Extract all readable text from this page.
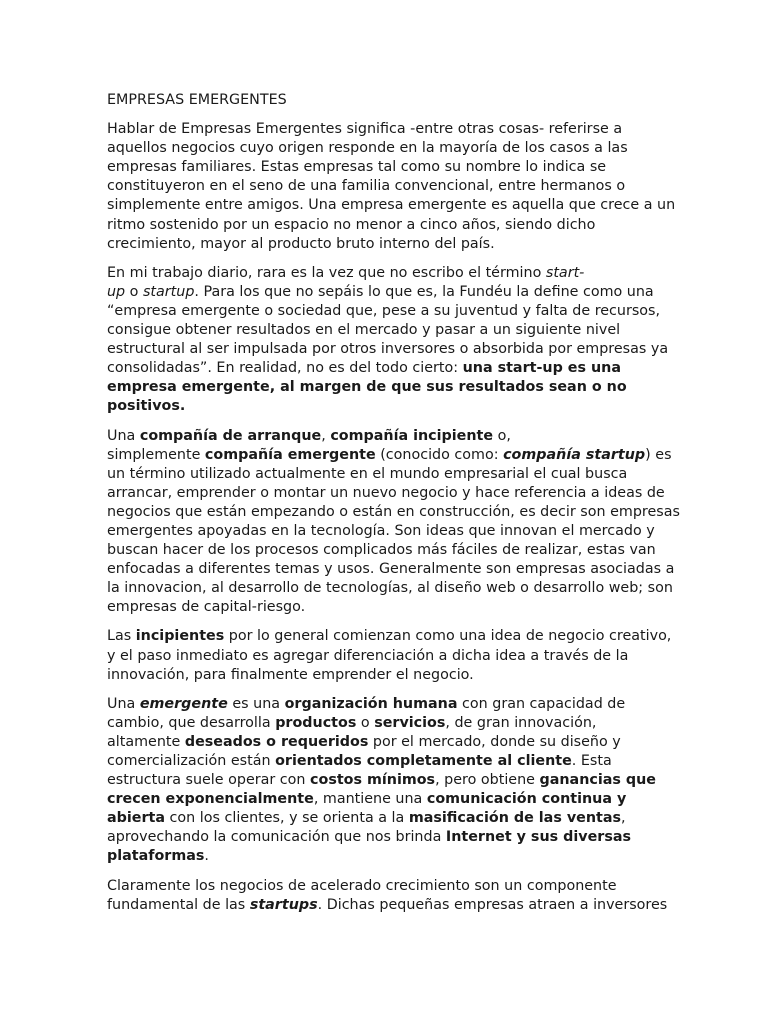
EMPRESAS EMERGENTES
Hablar de Empresas Emergentes significa -entre otras cosas- referirse a
aquellos negocios cuyo origen responde en la mayoría de los casos a las
empresas familiares. Estas empresas tal como su nombre lo indica se
constituyeron en el seno de una familia convencional, entre hermanos o
simplemente entre amigos. Una empresa emergente es aquella que crece a un
ritmo sostenido por un espacio no menor a cinco años, siendo dicho
crecimiento, mayor al producto bruto interno del país.
En mi trabajo diario, rara es la vez que no escribo el término start-
up o startup. Para los que no sepáis lo que es, la Fundéu la define como una
“empresa emergente o sociedad que, pese a su juventud y falta de recursos,
consigue obtener resultados en el mercado y pasar a un siguiente nivel
estructural al ser impulsada por otros inversores o absorbida por empresas ya
consolidadas”. En realidad, no es del todo cierto: una start-up es una
empresa emergente, al margen de que sus resultados sean o no
positivos.
Una compañía de arranque, compañía incipiente o,
simplemente compañía emergente (conocido como: compañía startup) es
un término utilizado actualmente en el mundo empresarial el cual busca
arrancar, emprender o montar un nuevo negocio y hace referencia a ideas de
negocios que están empezando o están en construcción, es decir son empresas
emergentes apoyadas en la tecnología. Son ideas que innovan el mercado y
buscan hacer de los procesos complicados más fáciles de realizar, estas van
enfocadas a diferentes temas y usos. Generalmente son empresas asociadas a
la innovacion, al desarrollo de tecnologías, al diseño web o desarrollo web; son
empresas de capital-riesgo.
Las incipientes por lo general comienzan como una idea de negocio creativo,
y el paso inmediato es agregar diferenciación a dicha idea a través de la
innovación, para finalmente emprender el negocio.
Una emergente es una organización humana con gran capacidad de
cambio, que desarrolla productos o servicios, de gran innovación,
altamente deseados o requeridos por el mercado, donde su diseño y
comercialización están orientados completamente al cliente. Esta
estructura suele operar con costos mínimos, pero obtiene ganancias que
crecen exponencialmente, mantiene una comunicación continua y
abierta con los clientes, y se orienta a la masificación de las ventas,
aprovechando la comunicación que nos brinda Internet y sus diversas
plataformas.
Claramente los negocios de acelerado crecimiento son un componente
fundamental de las startups. Dichas pequeñas empresas atraen a inversores
